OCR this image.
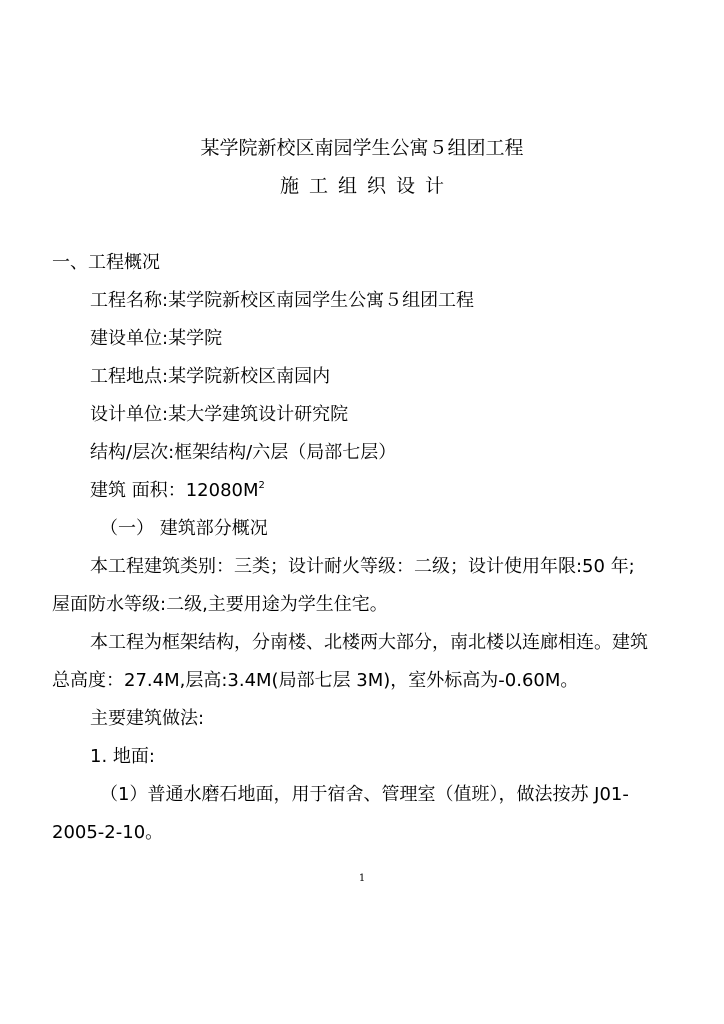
某学院新校区南园学生公寓５组团工程
施工组织设计
一、工程概况
工程名称:某学院新校区南园学生公寓５组团工程
建设单位:某学院
工程地点:某学院新校区南园内
设计单位:某大学建筑设计研究院
结构/层次:框架结构/六层（局部七层）
建筑 面积：$12080M^2$
（一） 建筑部分概况
本工程建筑类别：三类；设计耐火等级：二级；设计使用年限:50 年;
屋面防水等级:二级,主要用途为学生住宅。
本工程为框架结构，分南楼、北楼两大部分，南北楼以连廊相连。建筑
总高度：27.4M,层高:3.4M(局部七层 3M)，室外标高为-0.60M。
主要建筑做法:
1. 地面:
（1）普通水磨石地面，用于宿舍、管理室（值班），做法按苏 J01-
2005-2-10。
1
